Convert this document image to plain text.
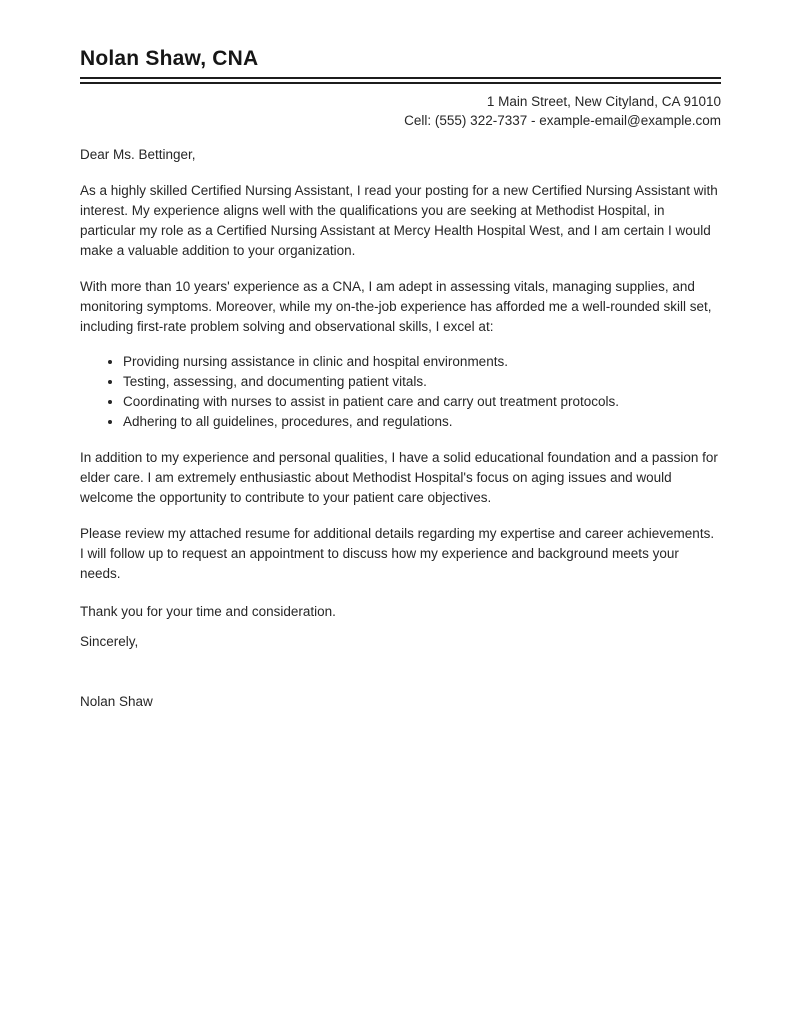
Nolan Shaw, CNA
1 Main Street, New Cityland, CA 91010
Cell: (555) 322-7337 - example-email@example.com

Dear Ms. Bettinger,

As a highly skilled Certified Nursing Assistant, I read your posting for a new Certified Nursing Assistant with interest. My experience aligns well with the qualifications you are seeking at Methodist Hospital, in particular my role as a Certified Nursing Assistant at Mercy Health Hospital West, and I am certain I would make a valuable addition to your organization.

With more than 10 years' experience as a CNA, I am adept in assessing vitals, managing supplies, and monitoring symptoms. Moreover, while my on-the-job experience has afforded me a well-rounded skill set, including first-rate problem solving and observational skills, I excel at:

Providing nursing assistance in clinic and hospital environments.
Testing, assessing, and documenting patient vitals.
Coordinating with nurses to assist in patient care and carry out treatment protocols.
Adhering to all guidelines, procedures, and regulations.

In addition to my experience and personal qualities, I have a solid educational foundation and a passion for elder care. I am extremely enthusiastic about Methodist Hospital's focus on aging issues and would welcome the opportunity to contribute to your patient care objectives.

Please review my attached resume for additional details regarding my expertise and career achievements. I will follow up to request an appointment to discuss how my experience and background meets your needs.

Thank you for your time and consideration.

Sincerely,

Nolan Shaw
